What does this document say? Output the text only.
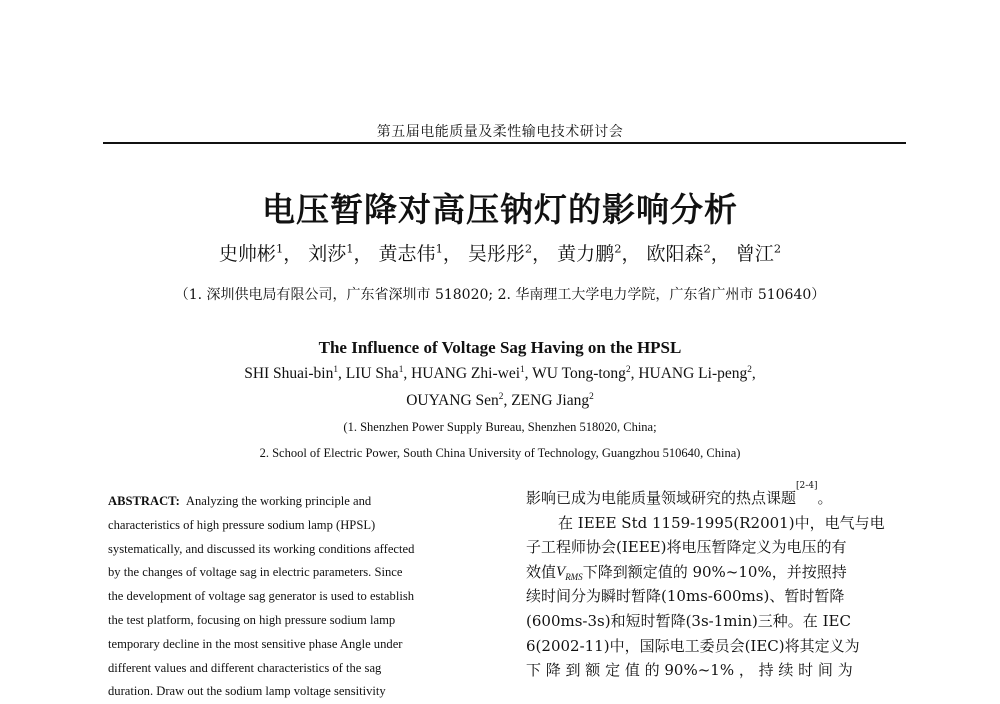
第五届电能质量及柔性输电技术研讨会
电压暂降对高压钠灯的影响分析
史帅彬$^1$， 刘莎$^1$， 黄志伟$^1$， 吴彤彤$^2$， 黄力鹏$^2$， 欧阳森$^2$， 曾江$^2$
（1. 深圳供电局有限公司，广东省深圳市 518020; 2. 华南理工大学电力学院，广东省广州市 510640）
The Influence of Voltage Sag Having on the HPSL
SHI Shuai-bin$^1$, LIU Sha$^1$, HUANG Zhi-wei$^1$, WU Tong-tong$^2$, HUANG Li-peng$^2$,
OUYANG Sen$^2$, ZENG Jiang$^2$
(1. Shenzhen Power Supply Bureau, Shenzhen 518020, China;
2. School of Electric Power, South China University of Technology, Guangzhou 510640, China)
ABSTRACT: Analyzing the working principle and
characteristics of high pressure sodium lamp (HPSL)
systematically, and discussed its working conditions affected
by the changes of voltage sag in electric parameters. Since
the development of voltage sag generator is used to establish
the test platform, focusing on high pressure sodium lamp
temporary decline in the most sensitive phase Angle under
different values and different characteristics of the sag
duration. Draw out the sodium lamp voltage sensitivity
影响已成为电能质量领域研究的热点课题
[2-4]
。
在 IEEE Std 1159-1995(R2001)中，电气与电
子工程师协会(IEEE)将电压暂降定义为电压的有
效值 $V_{RMS}$ 下降到额定值的 90%~10%，并按照持
续时间分为瞬时暂降(10ms-600ms)、暂时暂降
(600ms-3s)和短时暂降(3s-1min)三种。在 IEC
6(2002-11)中，国际电工委员会(IEC)将其定义为
下 降 到 额 定 值 的 90%~1% ， 持 续 时 间 为
